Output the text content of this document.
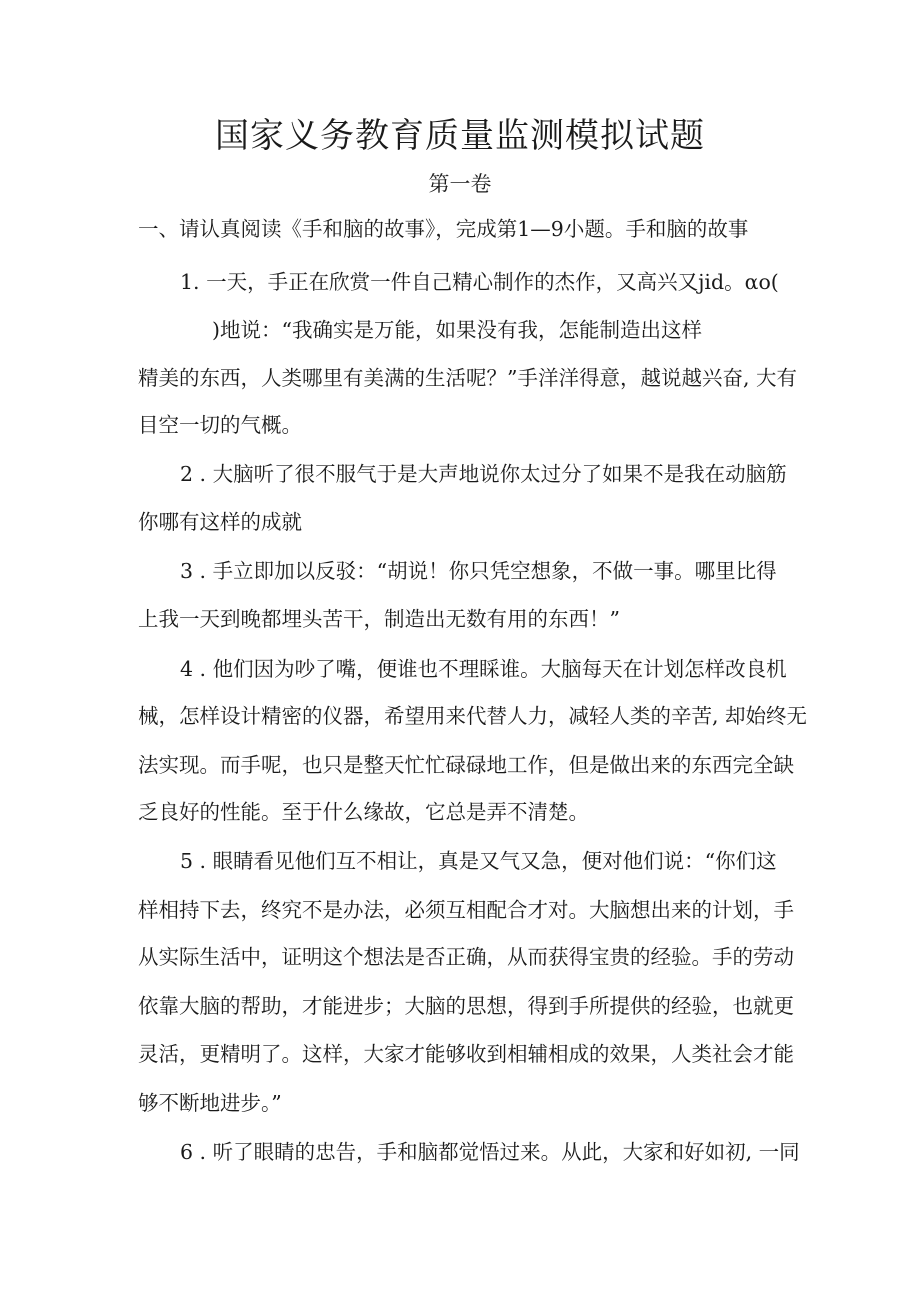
国家义务教育质量监测模拟试题
第一卷
一、请认真阅读《手和脑的故事》，完成第1—9小题。手和脑的故事
1. 一天，手正在欣赏一件自己精心制作的杰作，又高兴又jid。αo(
)地说：“我确实是万能，如果没有我，怎能制造出这样
精美的东西，人类哪里有美满的生活呢？”手洋洋得意，越说越兴奋, 大有
目空一切的气概。
2 . 大脑听了很不服气于是大声地说你太过分了如果不是我在动脑筋
你哪有这样的成就
3 . 手立即加以反驳：“胡说！你只凭空想象，不做一事。哪里比得
上我一天到晚都埋头苦干，制造出无数有用的东西！”
4 . 他们因为吵了嘴，便谁也不理睬谁。大脑每天在计划怎样改良机
械，怎样设计精密的仪器，希望用来代替人力，减轻人类的辛苦, 却始终无
法实现。而手呢，也只是整天忙忙碌碌地工作，但是做出来的东西完全缺
乏良好的性能。至于什么缘故，它总是弄不清楚。
5 . 眼睛看见他们互不相让，真是又气又急，便对他们说：“你们这
样相持下去，终究不是办法，必须互相配合才对。大脑想出来的计划，手
从实际生活中，证明这个想法是否正确，从而获得宝贵的经验。手的劳动
依靠大脑的帮助，才能进步；大脑的思想，得到手所提供的经验，也就更
灵活，更精明了。这样，大家才能够收到相辅相成的效果，人类社会才能
够不断地进步。”
6 . 听了眼睛的忠告，手和脑都觉悟过来。从此，大家和好如初, 一同
